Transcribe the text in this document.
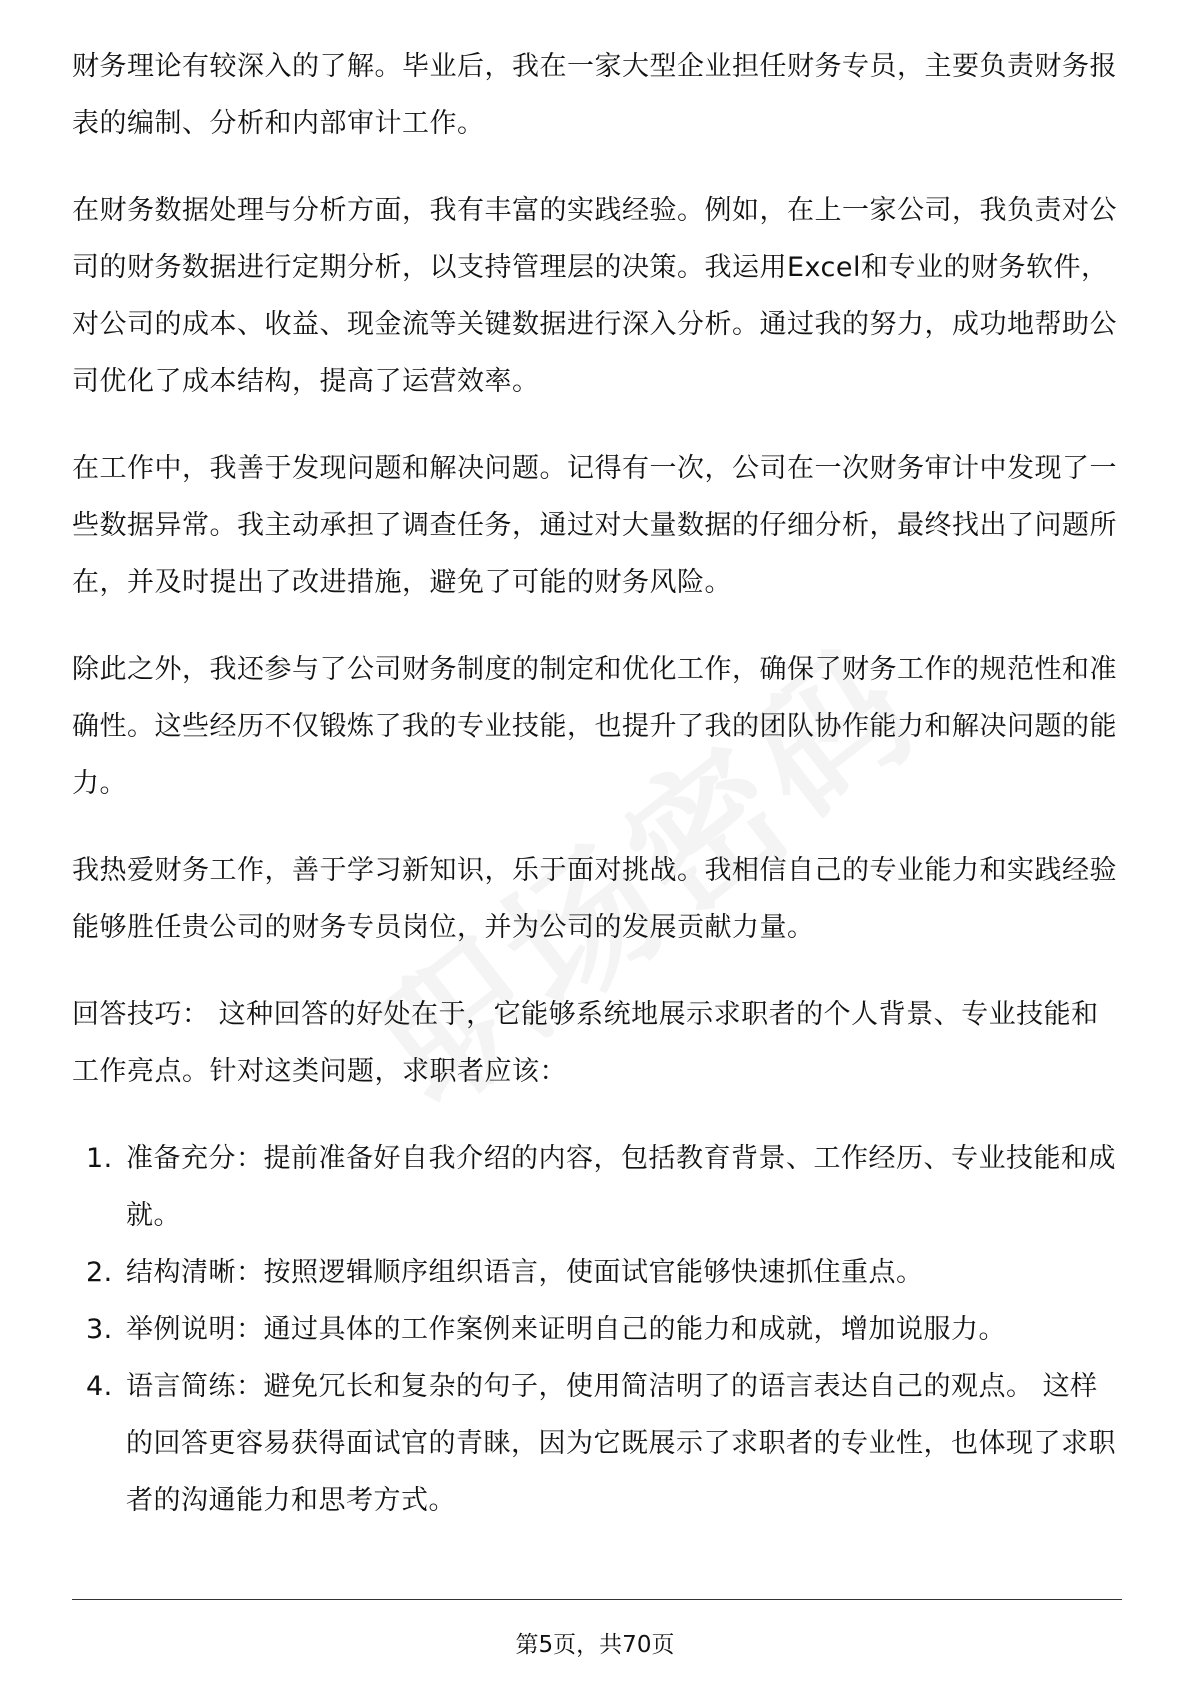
财务理论有较深入的了解。毕业后，我在一家大型企业担任财务专员，主要负责财务报表的编制、分析和内部审计工作。

在财务数据处理与分析方面，我有丰富的实践经验。例如，在上一家公司，我负责对公司的财务数据进行定期分析，以支持管理层的决策。我运用Excel和专业的财务软件，对公司的成本、收益、现金流等关键数据进行深入分析。通过我的努力，成功地帮助公司优化了成本结构，提高了运营效率。

在工作中，我善于发现问题和解决问题。记得有一次，公司在一次财务审计中发现了一些数据异常。我主动承担了调查任务，通过对大量数据的仔细分析，最终找出了问题所在，并及时提出了改进措施，避免了可能的财务风险。

除此之外，我还参与了公司财务制度的制定和优化工作，确保了财务工作的规范性和准确性。这些经历不仅锻炼了我的专业技能，也提升了我的团队协作能力和解决问题的能力。

我热爱财务工作，善于学习新知识，乐于面对挑战。我相信自己的专业能力和实践经验能够胜任贵公司的财务专员岗位，并为公司的发展贡献力量。

回答技巧： 这种回答的好处在于，它能够系统地展示求职者的个人背景、专业技能和工作亮点。针对这类问题，求职者应该：

1. 准备充分：提前准备好自我介绍的内容，包括教育背景、工作经历、专业技能和成就。
2. 结构清晰：按照逻辑顺序组织语言，使面试官能够快速抓住重点。
3. 举例说明：通过具体的工作案例来证明自己的能力和成就，增加说服力。
4. 语言简练：避免冗长和复杂的句子，使用简洁明了的语言表达自己的观点。 这样的回答更容易获得面试官的青睐，因为它既展示了求职者的专业性，也体现了求职者的沟通能力和思考方式。
第5页，共70页
